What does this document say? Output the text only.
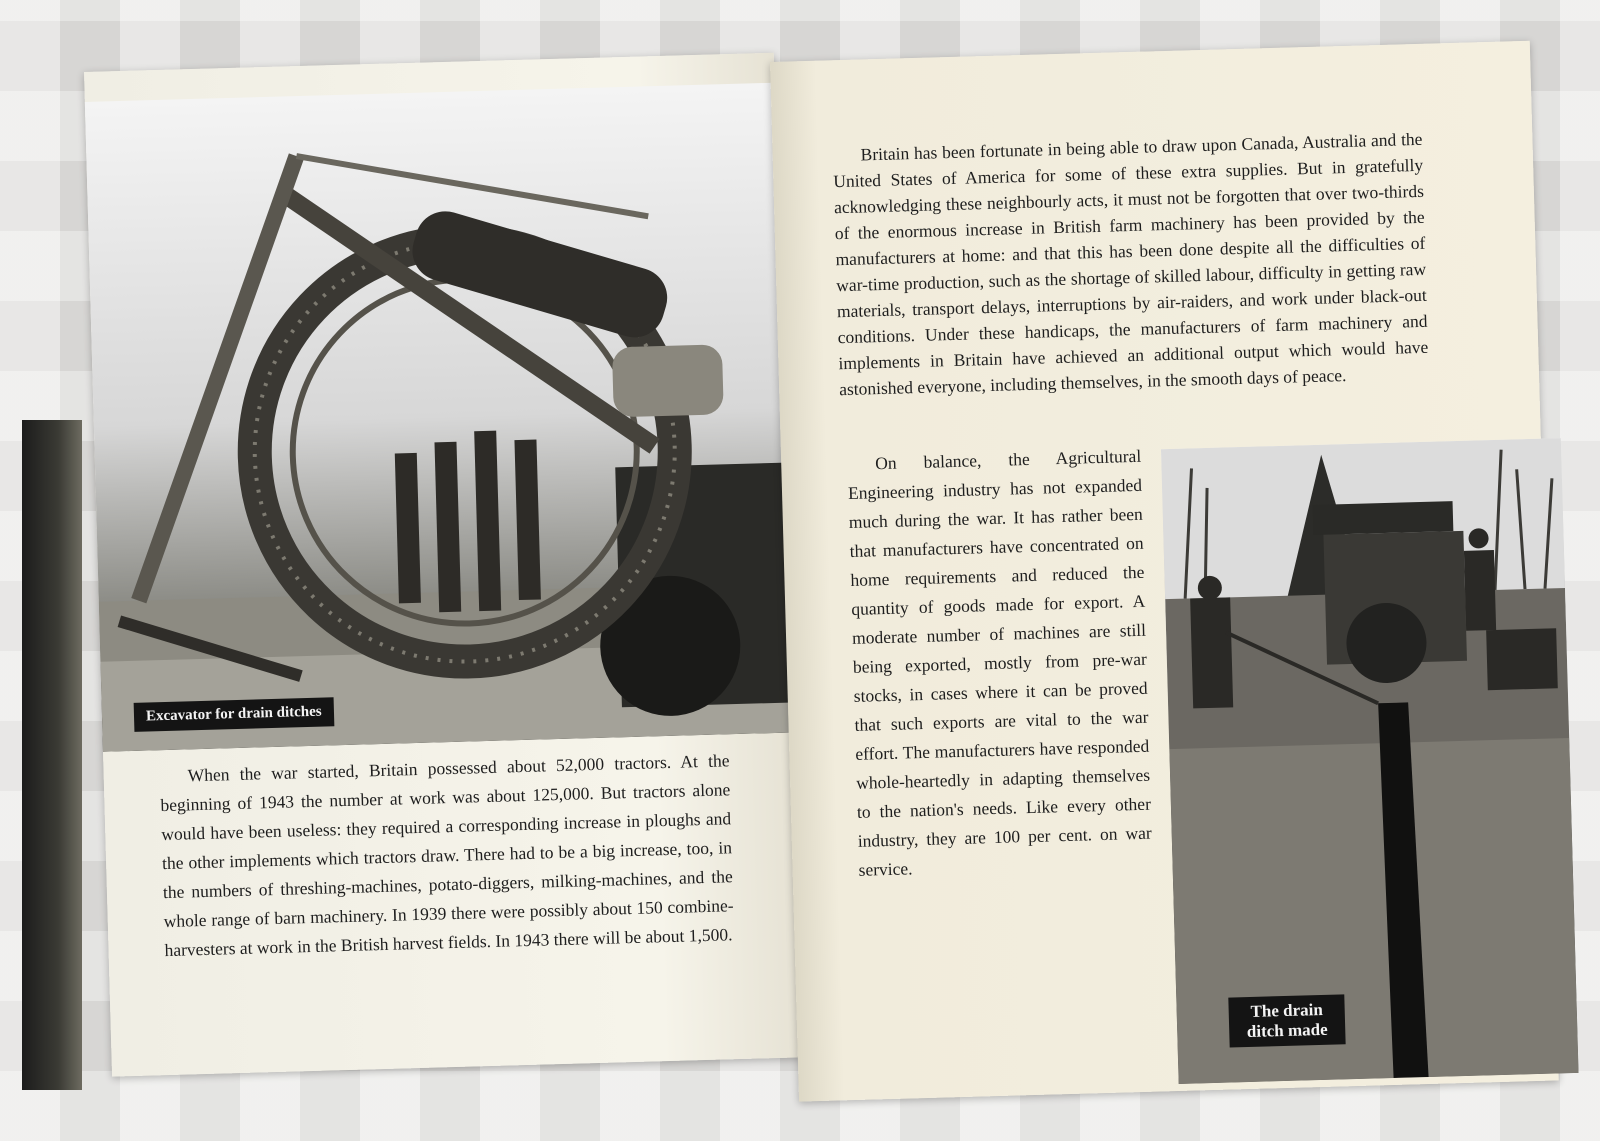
Excavator for drain ditches

When the war started, Britain possessed about 52,000 tractors. At the beginning of 1943 the number at work was about 125,000. But tractors alone would have been useless: they required a corresponding increase in ploughs and the other implements which tractors draw. There had to be a big increase, too, in the numbers of threshing-machines, potato-diggers, milking-machines, and the whole range of barn machinery. In 1939 there were possibly about 150 combine-harvesters at work in the British harvest fields. In 1943 there will be about 1,500.

Britain has been fortunate in being able to draw upon Canada, Australia and the United States of America for some of these extra supplies. But in gratefully acknowledging these neighbourly acts, it must not be forgotten that over two-thirds of the enormous increase in British farm machinery has been provided by the manufacturers at home: and that this has been done despite all the difficulties of war-time production, such as the shortage of skilled labour, difficulty in getting raw materials, transport delays, interruptions by air-raiders, and work under black-out conditions. Under these handicaps, the manufacturers of farm machinery and implements in Britain have achieved an additional output which would have astonished everyone, including themselves, in the smooth days of peace.

On balance, the Agricultural Engineering industry has not expanded much during the war. It has rather been that manufacturers have concentrated on home requirements and reduced the quantity of goods made for export. A moderate number of machines are still being exported, mostly from pre-war stocks, in cases where it can be proved that such exports are vital to the war effort. The manufacturers have responded whole-heartedly in adapting themselves to the nation's needs. Like every other industry, they are 100 per cent. on war service.

The drain ditch made
